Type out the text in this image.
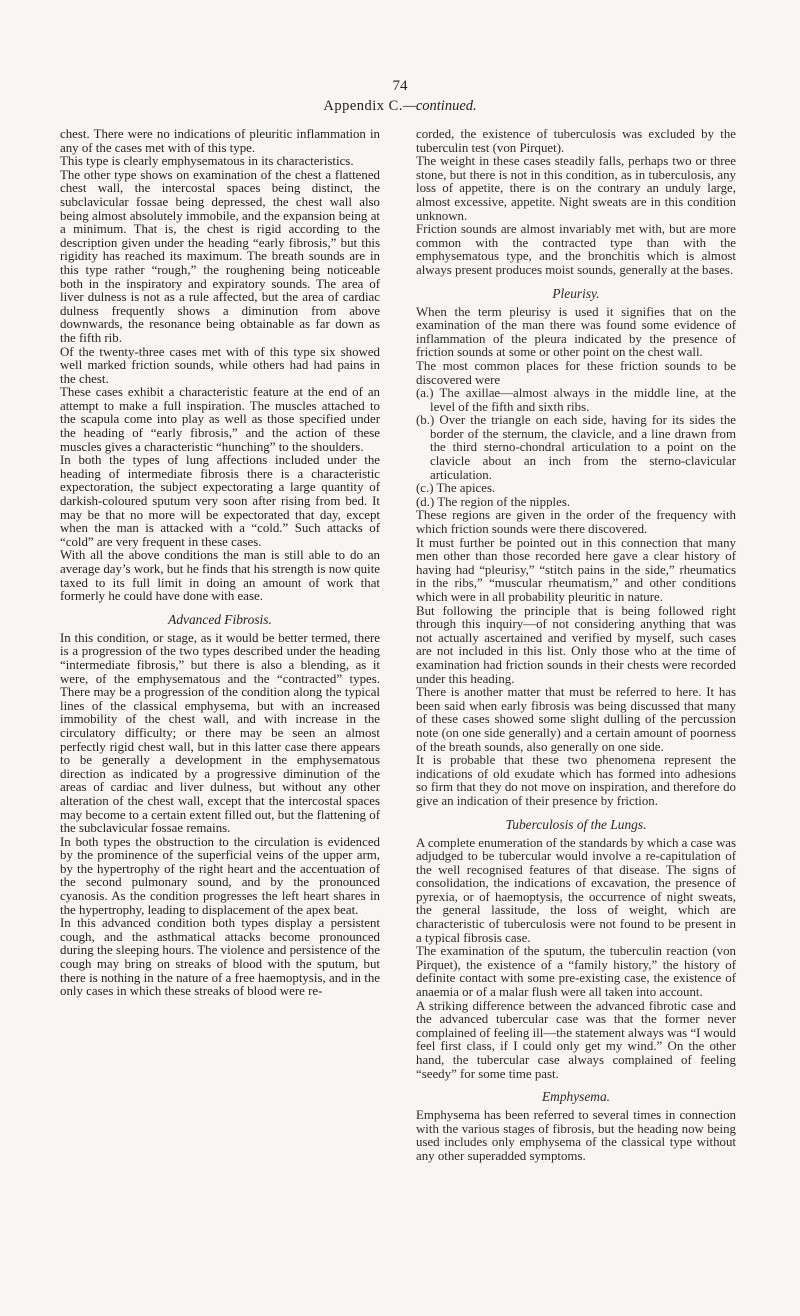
74
Appendix C.—continued.

chest. There were no indications of pleuritic inflammation in any of the cases met with of this type.

This type is clearly emphysematous in its characteristics.

The other type shows on examination of the chest a flattened chest wall, the intercostal spaces being distinct, the subclavicular fossae being depressed, the chest wall also being almost absolutely immobile, and the expansion being at a minimum. That is, the chest is rigid according to the description given under the heading “early fibrosis,” but this rigidity has reached its maximum. The breath sounds are in this type rather “rough,” the roughening being noticeable both in the inspiratory and expiratory sounds. The area of liver dulness is not as a rule affected, but the area of cardiac dulness frequently shows a diminution from above downwards, the resonance being obtainable as far down as the fifth rib.

Of the twenty-three cases met with of this type six showed well marked friction sounds, while others had had pains in the chest.

These cases exhibit a characteristic feature at the end of an attempt to make a full inspiration. The muscles attached to the scapula come into play as well as those specified under the heading of “early fibrosis,” and the action of these muscles gives a characteristic “hunching” to the shoulders.

In both the types of lung affections included under the heading of intermediate fibrosis there is a characteristic expectoration, the subject expectorating a large quantity of darkish-coloured sputum very soon after rising from bed. It may be that no more will be expectorated that day, except when the man is attacked with a “cold.” Such attacks of “cold” are very frequent in these cases.

With all the above conditions the man is still able to do an average day’s work, but he finds that his strength is now quite taxed to its full limit in doing an amount of work that formerly he could have done with ease.

Advanced Fibrosis.

In this condition, or stage, as it would be better termed, there is a progression of the two types described under the heading “intermediate fibrosis,” but there is also a blending, as it were, of the emphysematous and the “contracted” types. There may be a progression of the condition along the typical lines of the classical emphysema, but with an increased immobility of the chest wall, and with increase in the circulatory difficulty; or there may be seen an almost perfectly rigid chest wall, but in this latter case there appears to be generally a development in the emphysematous direction as indicated by a progressive diminution of the areas of cardiac and liver dulness, but without any other alteration of the chest wall, except that the intercostal spaces may become to a certain extent filled out, but the flattening of the subclavicular fossae remains.

In both types the obstruction to the circulation is evidenced by the prominence of the superficial veins of the upper arm, by the hypertrophy of the right heart and the accentuation of the second pulmonary sound, and by the pronounced cyanosis. As the condition progresses the left heart shares in the hypertrophy, leading to displacement of the apex beat.

In this advanced condition both types display a persistent cough, and the asthmatical attacks become pronounced during the sleeping hours. The violence and persistence of the cough may bring on streaks of blood with the sputum, but there is nothing in the nature of a free haemoptysis, and in the only cases in which these streaks of blood were re-

corded, the existence of tuberculosis was excluded by the tuberculin test (von Pirquet).

The weight in these cases steadily falls, perhaps two or three stone, but there is not in this condition, as in tuberculosis, any loss of appetite, there is on the contrary an unduly large, almost excessive, appetite. Night sweats are in this condition unknown.

Friction sounds are almost invariably met with, but are more common with the contracted type than with the emphysematous type, and the bronchitis which is almost always present produces moist sounds, generally at the bases.

Pleurisy.

When the term pleurisy is used it signifies that on the examination of the man there was found some evidence of inflammation of the pleura indicated by the presence of friction sounds at some or other point on the chest wall.

The most common places for these friction sounds to be discovered were

(a.) The axillae—almost always in the middle line, at the level of the fifth and sixth ribs.

(b.) Over the triangle on each side, having for its sides the border of the sternum, the clavicle, and a line drawn from the third sterno-chondral articulation to a point on the clavicle about an inch from the sterno-clavicular articulation.

(c.) The apices.

(d.) The region of the nipples.

These regions are given in the order of the frequency with which friction sounds were there discovered.

It must further be pointed out in this connection that many men other than those recorded here gave a clear history of having had “pleurisy,” “stitch pains in the side,” rheumatics in the ribs,” “muscular rheumatism,” and other conditions which were in all probability pleuritic in nature.

But following the principle that is being followed right through this inquiry—of not considering anything that was not actually ascertained and verified by myself, such cases are not included in this list. Only those who at the time of examination had friction sounds in their chests were recorded under this heading.

There is another matter that must be referred to here. It has been said when early fibrosis was being discussed that many of these cases showed some slight dulling of the percussion note (on one side generally) and a certain amount of poorness of the breath sounds, also generally on one side.

It is probable that these two phenomena represent the indications of old exudate which has formed into adhesions so firm that they do not move on inspiration, and therefore do give an indication of their presence by friction.

Tuberculosis of the Lungs.

A complete enumeration of the standards by which a case was adjudged to be tubercular would involve a re-capitulation of the well recognised features of that disease. The signs of consolidation, the indications of excavation, the presence of pyrexia, or of haemoptysis, the occurrence of night sweats, the general lassitude, the loss of weight, which are characteristic of tuberculosis were not found to be present in a typical fibrosis case.

The examination of the sputum, the tuberculin reaction (von Pirquet), the existence of a “family history,” the history of definite contact with some pre-existing case, the existence of anaemia or of a malar flush were all taken into account.

A striking difference between the advanced fibrotic case and the advanced tubercular case was that the former never complained of feeling ill—the statement always was “I would feel first class, if I could only get my wind.” On the other hand, the tubercular case always complained of feeling “seedy” for some time past.

Emphysema.

Emphysema has been referred to several times in connection with the various stages of fibrosis, but the heading now being used includes only emphysema of the classical type without any other superadded symptoms.
